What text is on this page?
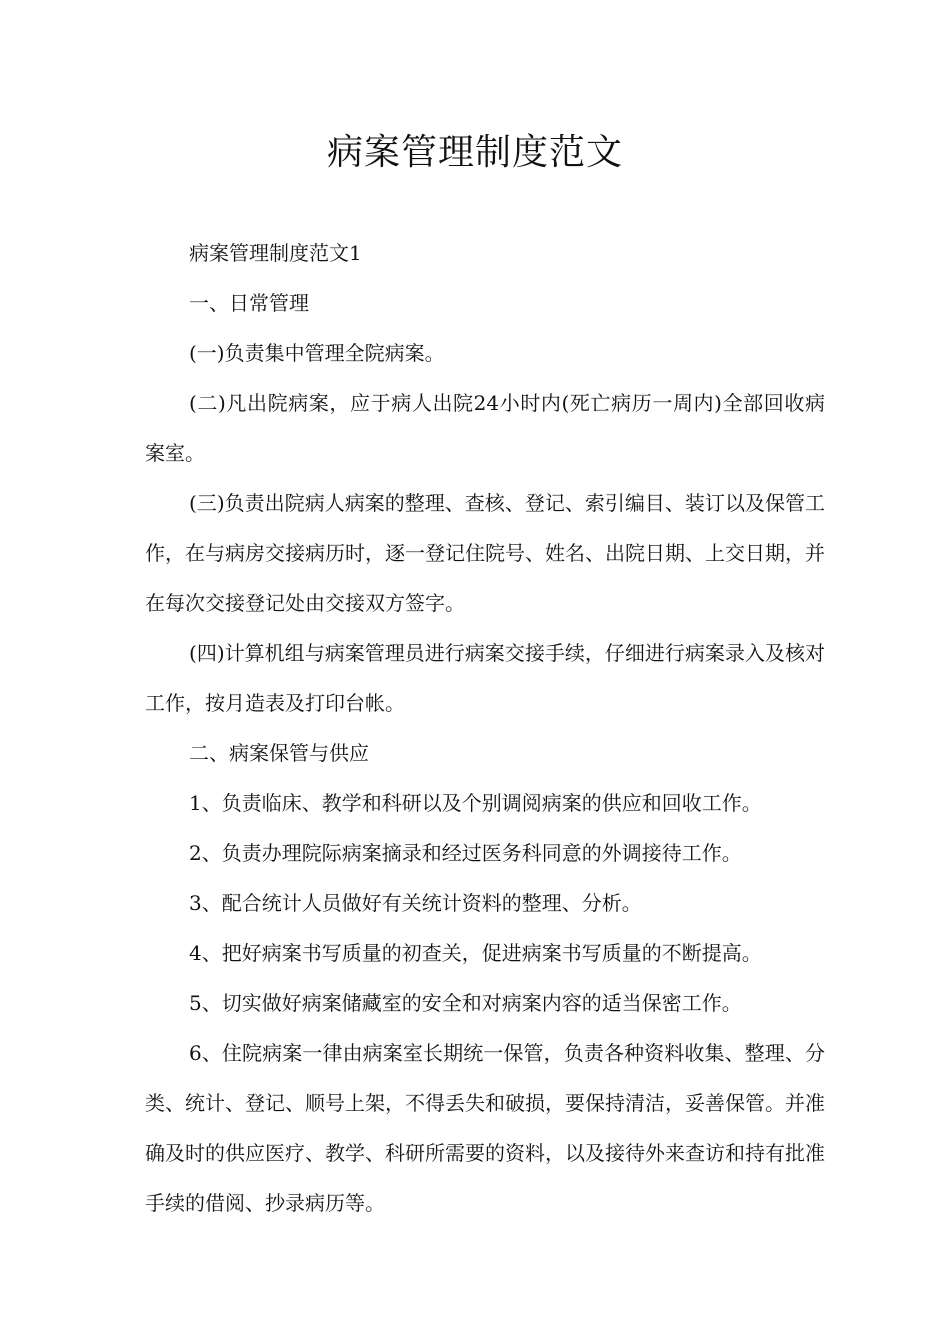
病案管理制度范文

病案管理制度范文1

一、日常管理

(一)负责集中管理全院病案。

(二)凡出院病案，应于病人出院24小时内(死亡病历一周内)全部回收病案室。

(三)负责出院病人病案的整理、查核、登记、索引编目、装订以及保管工作，在与病房交接病历时，逐一登记住院号、姓名、出院日期、上交日期，并在每次交接登记处由交接双方签字。

(四)计算机组与病案管理员进行病案交接手续，仔细进行病案录入及核对工作，按月造表及打印台帐。

二、病案保管与供应

1、负责临床、教学和科研以及个别调阅病案的供应和回收工作。

2、负责办理院际病案摘录和经过医务科同意的外调接待工作。

3、配合统计人员做好有关统计资料的整理、分析。

4、把好病案书写质量的初查关，促进病案书写质量的不断提高。

5、切实做好病案储藏室的安全和对病案内容的适当保密工作。

6、住院病案一律由病案室长期统一保管，负责各种资料收集、整理、分类、统计、登记、顺号上架，不得丢失和破损，要保持清洁，妥善保管。并准确及时的供应医疗、教学、科研所需要的资料，以及接待外来查访和持有批准手续的借阅、抄录病历等。
